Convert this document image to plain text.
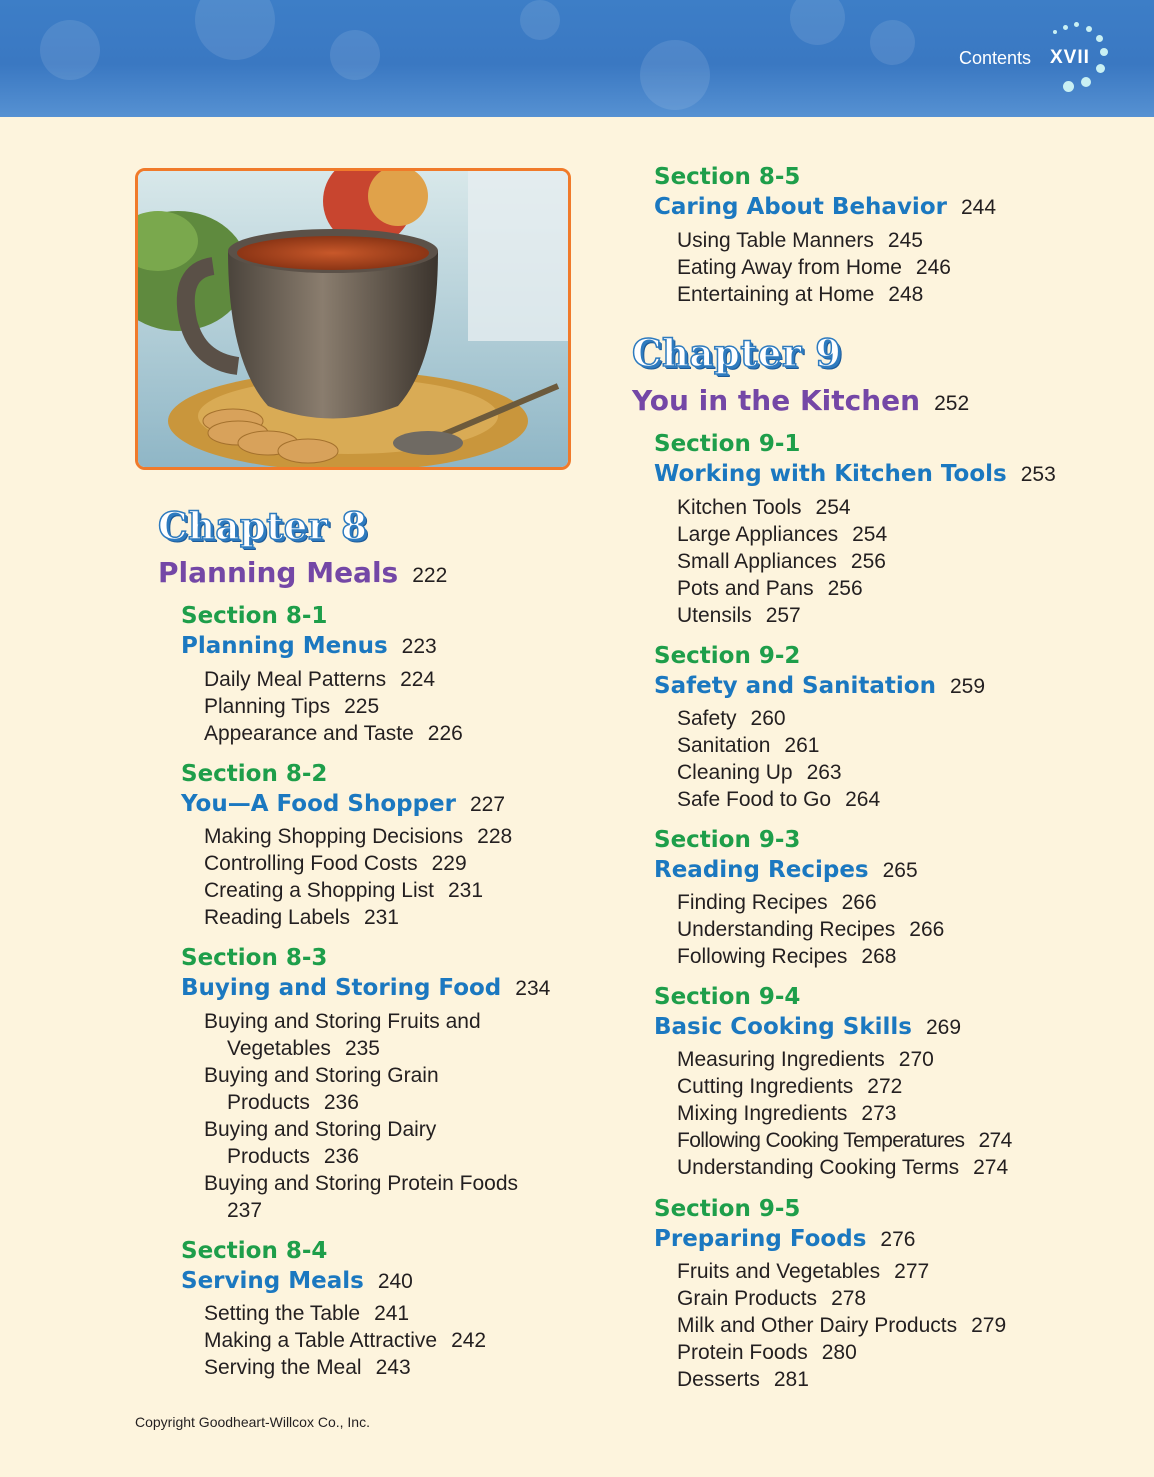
Contents XVII
Chapter 8
Planning Meals 222
Section 8-1
Planning Menus 223
Daily Meal Patterns 224
Planning Tips 225
Appearance and Taste 226
Section 8-2
You—A Food Shopper 227
Making Shopping Decisions 228
Controlling Food Costs 229
Creating a Shopping List 231
Reading Labels 231
Section 8-3
Buying and Storing Food 234
Buying and Storing Fruits and
Vegetables 235
Buying and Storing Grain
Products 236
Buying and Storing Dairy
Products 236
Buying and Storing Protein Foods
237
Section 8-4
Serving Meals 240
Setting the Table 241
Making a Table Attractive 242
Serving the Meal 243
Section 8-5
Caring About Behavior 244
Using Table Manners 245
Eating Away from Home 246
Entertaining at Home 248
Chapter 9
You in the Kitchen 252
Section 9-1
Working with Kitchen Tools 253
Kitchen Tools 254
Large Appliances 254
Small Appliances 256
Pots and Pans 256
Utensils 257
Section 9-2
Safety and Sanitation 259
Safety 260
Sanitation 261
Cleaning Up 263
Safe Food to Go 264
Section 9-3
Reading Recipes 265
Finding Recipes 266
Understanding Recipes 266
Following Recipes 268
Section 9-4
Basic Cooking Skills 269
Measuring Ingredients 270
Cutting Ingredients 272
Mixing Ingredients 273
Following Cooking Temperatures 274
Understanding Cooking Terms 274
Section 9-5
Preparing Foods 276
Fruits and Vegetables 277
Grain Products 278
Milk and Other Dairy Products 279
Protein Foods 280
Desserts 281
Copyright Goodheart-Willcox Co., Inc.
